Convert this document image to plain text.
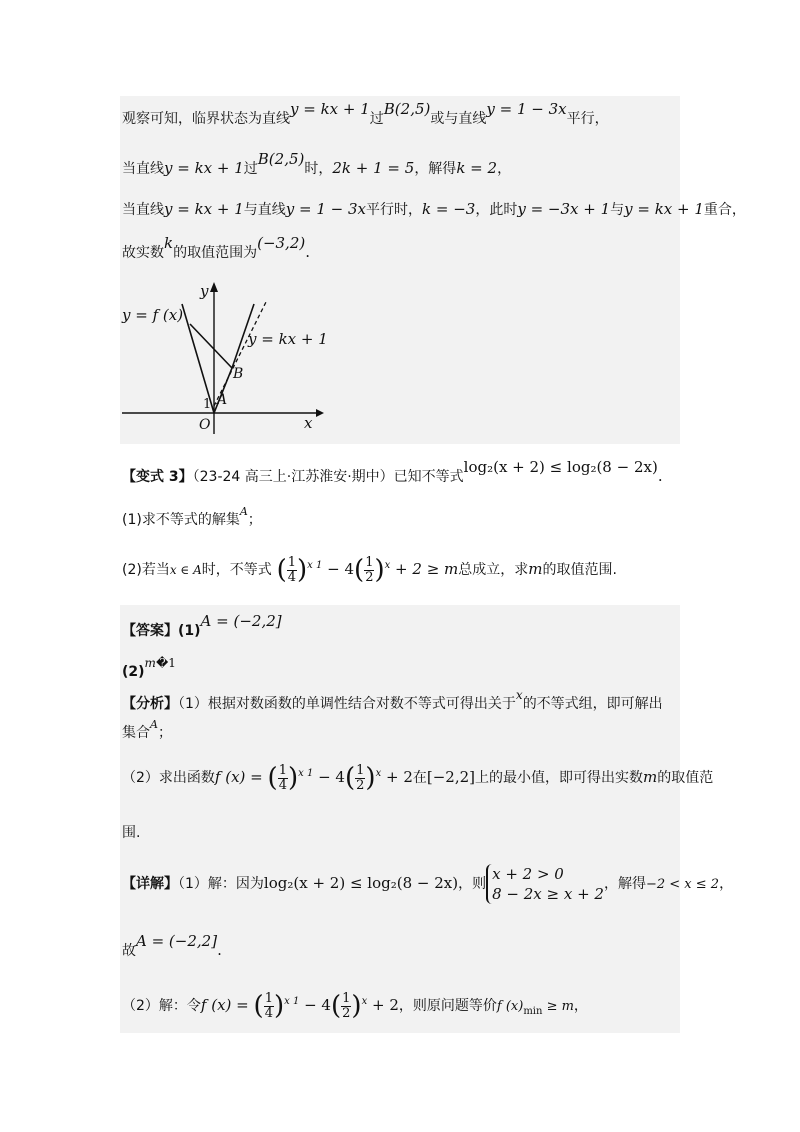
观察可知，临界状态为直线y = kx + 1过B(2,5)或与直线y = 1 − 3x平行，
当直线y = kx + 1过B(2,5)时，2k + 1 = 5，解得k = 2，
当直线y = kx + 1与直线y = 1 − 3x平行时，k = −3，此时y = −3x + 1与y = kx + 1重合，
故实数k的取值范围为(−3,2).
y = f (x)
y = kx + 1
B
A
1
O	x
y
【变式 3】（23-24 高三上·江苏淮安·期中）已知不等式log₂(x + 2) ≤ log₂(8 − 2x).
(1)求不等式的解集$^A$；
(2)若当x ∈ A时，不等式 ( $\frac{1}{4} )^{x 1} - 4( \frac{1}{2} )^x + 2 \ge m$总成立，求m的取值范围.
【答案】(1)A = (−2,2]
$(2)^{m�1}$
【分析】（1）根据对数函数的单调性结合对数不等式可得出关于$^x$的不等式组，即可解出
集合$^A$；
（2）求出函数f (x) = ( $\frac{1}{4} )^{x 1} - 4( \frac{1}{2} )^x + 2$在[−2,2]上的最小值，即可得出实数m的取值范
围.
【详解】（1）解：因为log₂(x + 2) ≤ log₂(8 − 2x)，则
x + 2 > 0
8 − 2x ≥ x + 2
，解得−2 < x ≤ 2，
故A = (−2,2].
（2）解：令f (x) = ( $\frac{1}{4} )^{x 1} - 4( \frac{1}{2} )^x + 2$，则原问题等价f $(x)_{min} \ge m$，
